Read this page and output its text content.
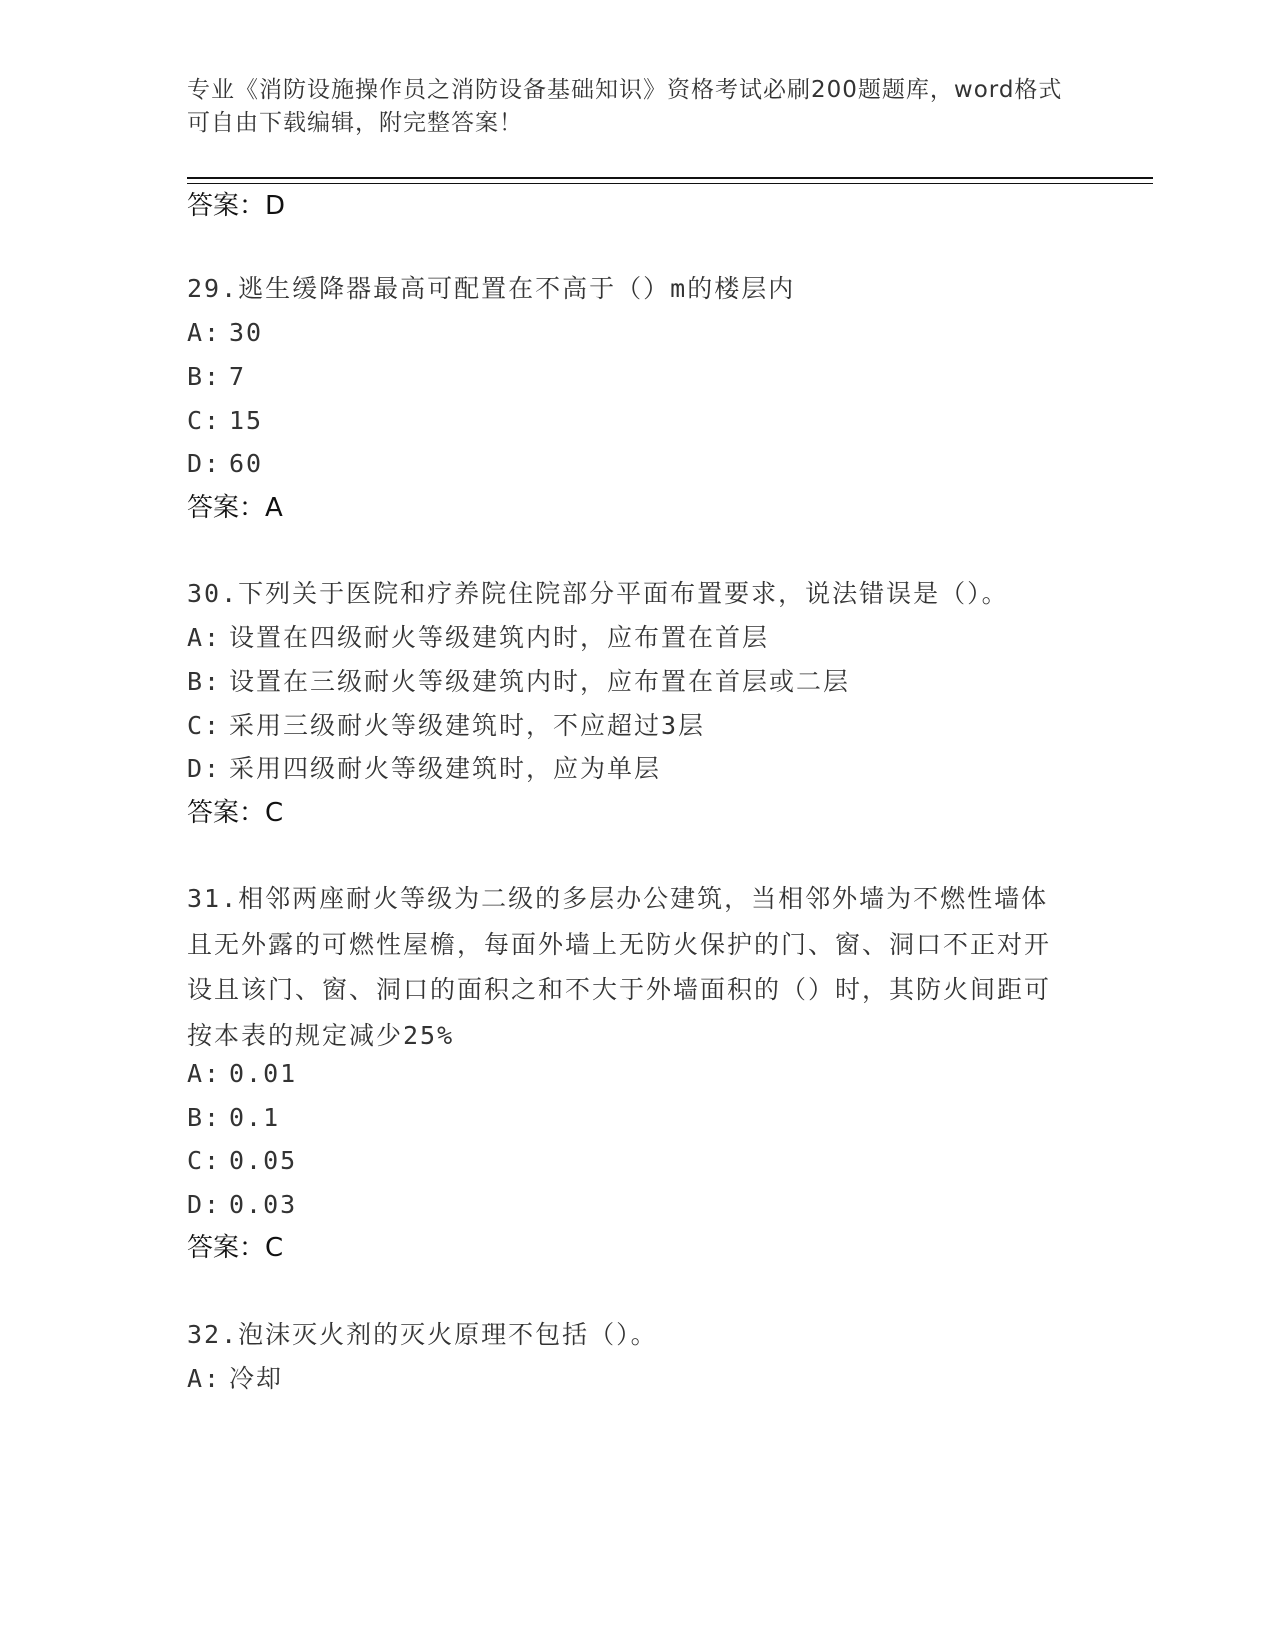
专业《消防设施操作员之消防设备基础知识》资格考试必刷200题题库，word格式可自由下载编辑，附完整答案！
答案：D
29.逃生缓降器最高可配置在不高于（）m的楼层内
A: 30
B: 7
C: 15
D: 60
答案：A
30.下列关于医院和疗养院住院部分平面布置要求，说法错误是（）。
A: 设置在四级耐火等级建筑内时，应布置在首层
B: 设置在三级耐火等级建筑内时，应布置在首层或二层
C: 采用三级耐火等级建筑时，不应超过3层
D: 采用四级耐火等级建筑时，应为单层
答案：C
31.相邻两座耐火等级为二级的多层办公建筑，当相邻外墙为不燃性墙体且无外露的可燃性屋檐，每面外墙上无防火保护的门、窗、洞口不正对开设且该门、窗、洞口的面积之和不大于外墙面积的（）时，其防火间距可按本表的规定减少25%
A: 0.01
B: 0.1
C: 0.05
D: 0.03
答案：C
32.泡沫灭火剂的灭火原理不包括（）。
A: 冷却
